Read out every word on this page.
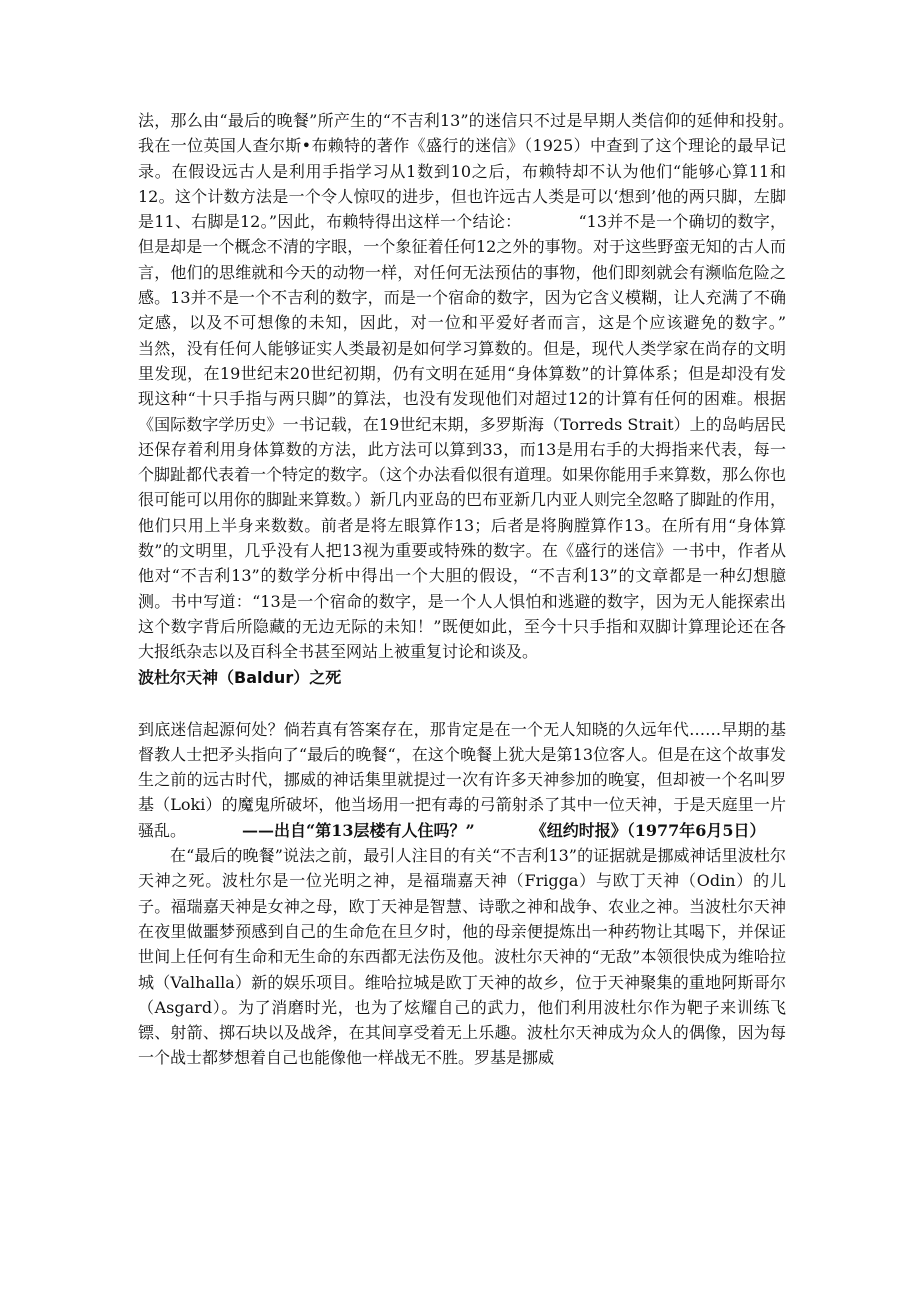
法，那么由“最后的晚餐”所产生的“不吉利13”的迷信只不过是早期人类信仰的延伸和投射。　　　　我在一位英国人查尔斯•布赖特的著作《盛行的迷信》（1925）中查到了这个理论的最早记录。在假设远古人是利用手指学习从1数到10之后，布赖特却不认为他们“能够心算11和12。这个计数方法是一个令人惊叹的进步，但也许远古人类是可以‘想到’他的两只脚，左脚是11、右脚是12。”因此，布赖特得出这样一个结论：　　　　“13并不是一个确切的数字，但是却是一个概念不清的字眼，一个象征着任何12之外的事物。对于这些野蛮无知的古人而言，他们的思维就和今天的动物一样，对任何无法预估的事物，他们即刻就会有濒临危险之感。13并不是一个不吉利的数字，而是一个宿命的数字，因为它含义模糊，让人充满了不确定感，以及不可想像的未知，因此，对一位和平爱好者而言，这是个应该避免的数字。”　　　　当然，没有任何人能够证实人类最初是如何学习算数的。但是，现代人类学家在尚存的文明里发现，在19世纪末20世纪初期，仍有文明在延用“身体算数”的计算体系；但是却没有发现这种“十只手指与两只脚”的算法，也没有发现他们对超过12的计算有任何的困难。根据《国际数字学历史》一书记载，在19世纪末期，多罗斯海（Torreds Strait）上的岛屿居民还保存着利用身体算数的方法，此方法可以算到33，而13是用右手的大拇指来代表，每一个脚趾都代表着一个特定的数字。（这个办法看似很有道理。如果你能用手来算数，那么你也很可能可以用你的脚趾来算数。）新几内亚岛的巴布亚新几内亚人则完全忽略了脚趾的作用，他们只用上半身来数数。前者是将左眼算作13；后者是将胸膛算作13。在所有用“身体算数”的文明里，几乎没有人把13视为重要或特殊的数字。在《盛行的迷信》一书中，作者从他对“不吉利13”的数学分析中得出一个大胆的假设，“不吉利13”的文章都是一种幻想臆测。书中写道：“13是一个宿命的数字，是一个人人惧怕和逃避的数字，因为无人能探索出这个数字背后所隐藏的无边无际的未知！”既便如此，至今十只手指和双脚计算理论还在各大报纸杂志以及百科全书甚至网站上被重复讨论和谈及。

波杜尔天神（Baldur）之死

到底迷信起源何处？倘若真有答案存在，那肯定是在一个无人知晓的久远年代……早期的基督教人士把矛头指向了“最后的晚餐“，在这个晚餐上犹大是第13位客人。但是在这个故事发生之前的远古时代，挪威的神话集里就提过一次有许多天神参加的晚宴，但却被一个名叫罗基（Loki）的魔鬼所破坏，他当场用一把有毒的弓箭射杀了其中一位天神，于是天庭里一片骚乱。　　　　——出自“第13层楼有人住吗？”　　　　《纽约时报》（1977年6月5日）

在“最后的晚餐”说法之前，最引人注目的有关“不吉利13”的证据就是挪威神话里波杜尔天神之死。波杜尔是一位光明之神，是福瑞嘉天神（Frigga）与欧丁天神（Odin）的儿子。福瑞嘉天神是女神之母，欧丁天神是智慧、诗歌之神和战争、农业之神。当波杜尔天神在夜里做噩梦预感到自己的生命危在旦夕时，他的母亲便提炼出一种药物让其喝下，并保证世间上任何有生命和无生命的东西都无法伤及他。波杜尔天神的“无敌”本领很快成为维哈拉城（Valhalla）新的娱乐项目。维哈拉城是欧丁天神的故乡，位于天神聚集的重地阿斯哥尔（Asgard）。为了消磨时光，也为了炫耀自己的武力，他们利用波杜尔作为靶子来训练飞镖、射箭、掷石块以及战斧，在其间享受着无上乐趣。波杜尔天神成为众人的偶像，因为每一个战士都梦想着自己也能像他一样战无不胜。罗基是挪威
